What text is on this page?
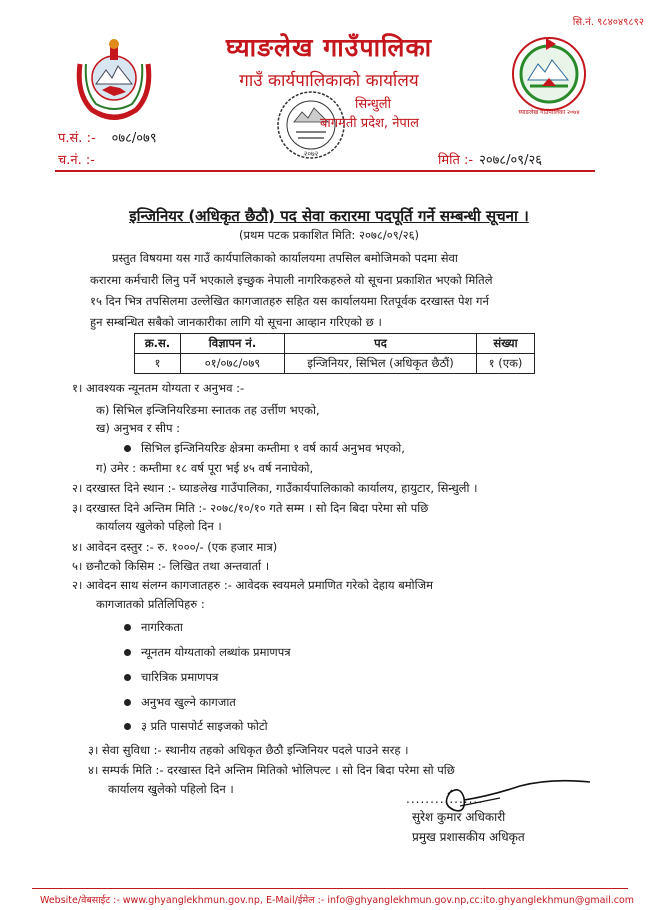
सि.नं. ९८४०४९८९२
घ्याङलेख गाउँपालिका
गाउँ कार्यपालिकाको कार्यालय
२०७२
सिन्धुली
बागमती प्रदेश, नेपाल
घ्याङलेख गाउँपालिका २०७४
प.सं. :- ०७८/०७९
च.नं. :-	मिति :- २०७८/०९/२६
इन्जिनियर (अधिकृत छैठौ) पद सेवा करारमा पदपूर्ति गर्ने सम्बन्धी सूचना ।
(प्रथम पटक प्रकाशित मिति: २०७८/०९/२६)
प्रस्तुत विषयमा यस गाउँ कार्यपालिकाको कार्यालयमा तपसिल बमोजिमको पदमा सेवा
करारमा कर्मचारी लिनु पर्ने भएकाले इच्छुक नेपाली नागरिकहरुले यो सूचना प्रकाशित भएको मितिले
१५ दिन भित्र तपसिलमा उल्लेखित कागजातहरु सहित यस कार्यालयमा रितपूर्वक दरखास्त पेश गर्न
हुन सम्बन्धित सबैको जानकारीका लागि यो सूचना आव्हान गरिएको छ ।
क्र.स.	विज्ञापन नं.	पद	संख्या
१	०१/०७८/०७९	इन्जिनियर, सिभिल (अधिकृत छैठौं)	१ (एक)
१। आवश्यक न्यूनतम योग्यता र अनुभव :-
क) सिभिल इन्जिनियरिङमा स्नातक तह उर्त्तीण भएको,
ख) अनुभव र सीप :
सिभिल इन्जिनियरिङ क्षेत्रमा कम्तीमा १ वर्ष कार्य अनुभव भएको,
ग) उमेर : कम्तीमा १८ वर्ष पूरा भई ४५ वर्ष ननाघेको,
२। दरखास्त दिने स्थान :- घ्याङलेख गाउँपालिका, गाउँकार्यपालिकाको कार्यालय, हायुटार, सिन्धुली ।
३। दरखास्त दिने अन्तिम मिति :- २०७८/१०/१० गते सम्म । सो दिन बिदा परेमा सो पछि
कार्यालय खुलेको पहिलो दिन ।
४। आवेदन दस्तुर :- रु. १०००/- (एक हजार मात्र)
५। छनौटको किसिम :- लिखित तथा अन्तवार्ता ।
२। आवेदन साथ संलग्न कागजातहरु :- आवेदक स्वयमले प्रमाणित गरेको देहाय बमोजिम
कागजातको प्रतिलिपिहरु :
नागरिकता
न्यूनतम योग्यताको लब्धांक प्रमाणपत्र
चारित्रिक प्रमाणपत्र
अनुभव खुल्ने कागजात
३ प्रति पासपोर्ट साइजको फोटो
३। सेवा सुविधा :- स्थानीय तहको अधिकृत छैठौ इन्जिनियर पदले पाउने सरह ।
४। सम्पर्क मिति :- दरखास्त दिने अन्तिम मितिको भोलिपल्ट । सो दिन बिदा परेमा सो पछि
कार्यालय खुलेको पहिलो दिन ।
................
सुरेश कुमार अधिकारी
प्रमुख प्रशासकीय अधिकृत
Website/वेबसाईट :- www.ghyanglekhmun.gov.np, E-Mail/ईमेल :- info@ghyanglekhmun.gov.np,cc:ito.ghyanglekhmun@gmail.com
